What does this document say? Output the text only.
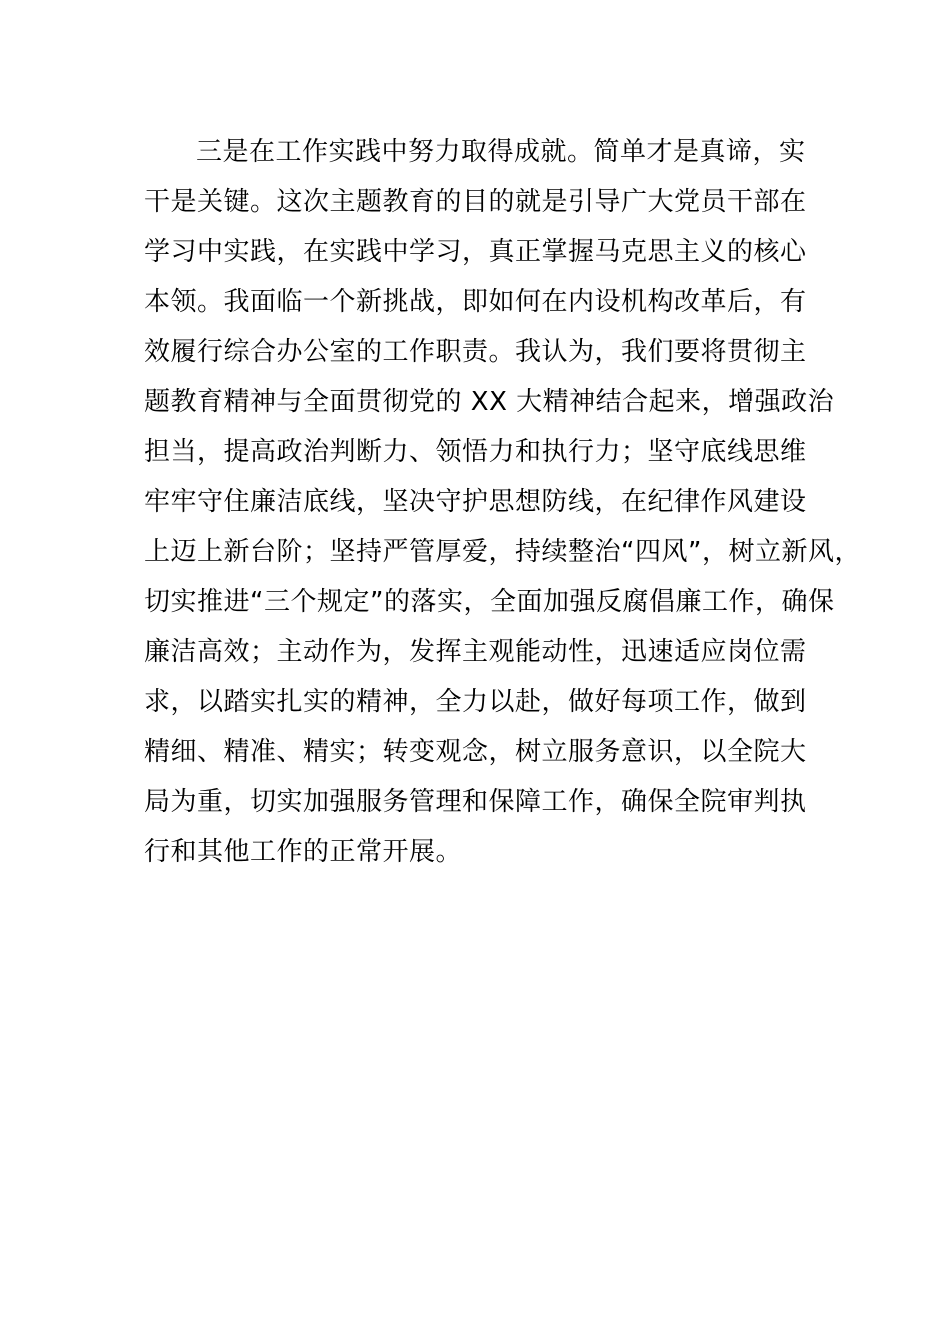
三是在工作实践中努力取得成就。简单才是真谛，实
干是关键。这次主题教育的目的就是引导广大党员干部在
学习中实践，在实践中学习，真正掌握马克思主义的核心
本领。我面临一个新挑战，即如何在内设机构改革后，有
效履行综合办公室的工作职责。我认为，我们要将贯彻主
题教育精神与全面贯彻党的 XX 大精神结合起来，增强政治
担当，提高政治判断力、领悟力和执行力；坚守底线思维
牢牢守住廉洁底线，坚决守护思想防线，在纪律作风建设
上迈上新台阶；坚持严管厚爱，持续整治“四风”，树立新风，
切实推进“三个规定”的落实，全面加强反腐倡廉工作，确保
廉洁高效；主动作为，发挥主观能动性，迅速适应岗位需
求，以踏实扎实的精神，全力以赴，做好每项工作，做到
精细、精准、精实；转变观念，树立服务意识，以全院大
局为重，切实加强服务管理和保障工作，确保全院审判执
行和其他工作的正常开展。
